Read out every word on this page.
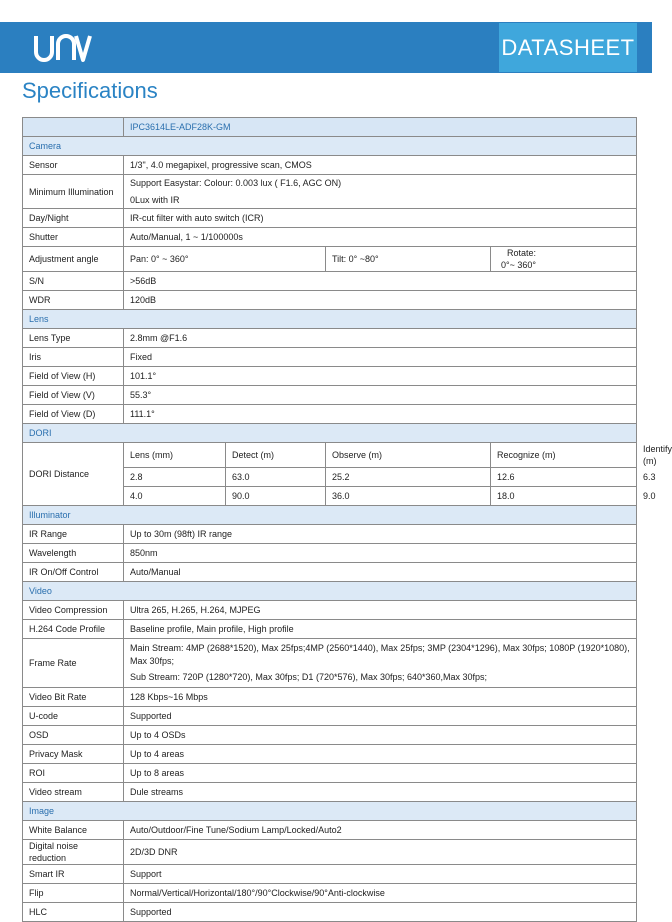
DATASHEET
Specifications
	IPC3614LE-ADF28K-GM				
Camera					
Sensor	1/3", 4.0 megapixel, progressive scan, CMOS				
Minimum Illumination	Support Easystar: Colour: 0.003 lux ( F1.6, AGC ON)
0Lux with IR				

Day/Night	IR-cut filter with auto switch (ICR)				
Shutter	Auto/Manual, 1 ~ 1/100000s				
Adjustment angle	Pan: 0° ~ 360°		Tilt: 0° ~80°	Rotate: 0°~ 360°	
S/N	>56dB				
WDR	120dB				
Lens					
Lens Type	2.8mm @F1.6				
Iris	Fixed				
Field of View (H)	101.1°				
Field of View (V)	55.3°				
Field of View (D)	111.1°				
DORI					
DORI Distance	Lens (mm)	Detect (m)	Observe (m)	Recognize (m)	Identify (m)
	2.8	63.0	25.2	12.6	6.3
	4.0	90.0	36.0	18.0	9.0
Illuminator					
IR Range	Up to 30m (98ft) IR range				
Wavelength	850nm				
IR On/Off Control	Auto/Manual				
Video					
Video Compression	Ultra 265, H.265, H.264, MJPEG				
H.264 Code Profile	Baseline profile, Main profile, High profile				
Frame Rate	Main Stream: 4MP (2688*1520), Max 25fps;4MP (2560*1440), Max 25fps; 3MP (2304*1296), Max 30fps; 1080P (1920*1080), Max 30fps;
Sub Stream: 720P (1280*720), Max 30fps; D1 (720*576), Max 30fps; 640*360,Max 30fps;				

Video Bit Rate	128 Kbps~16 Mbps				
U-code	Supported				
OSD	Up to 4 OSDs				
Privacy Mask	Up to 4 areas				
ROI	Up to 8 areas				
Video stream	Dule streams				
Image					
White Balance	Auto/Outdoor/Fine Tune/Sodium Lamp/Locked/Auto2				
Digital noise reduction	2D/3D DNR				
Smart IR	Support				
Flip	Normal/Vertical/Horizontal/180°/90°Clockwise/90°Anti-clockwise				
HLC	Supported				
